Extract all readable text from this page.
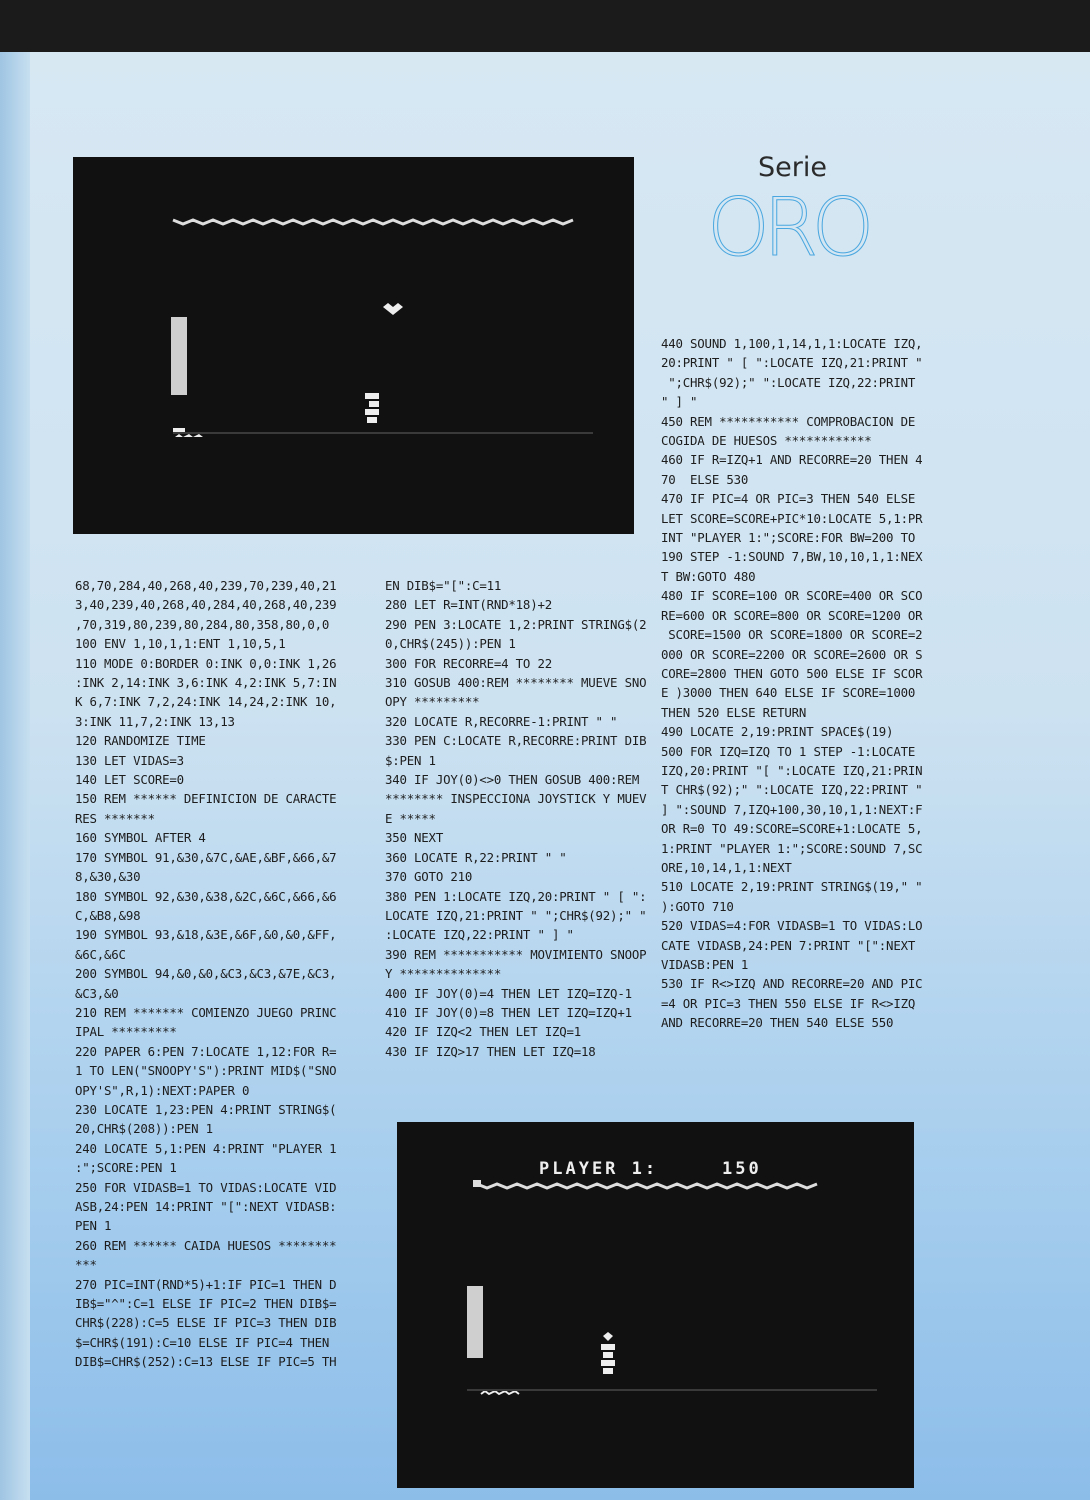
PLAYER 1:	150
Serie
ORO
68,70,284,40,268,40,239,70,239,40,21
3,40,239,40,268,40,284,40,268,40,239
,70,319,80,239,80,284,80,358,80,0,0
100 ENV 1,10,1,1:ENT 1,10,5,1
110 MODE 0:BORDER 0:INK 0,0:INK 1,26
:INK 2,14:INK 3,6:INK 4,2:INK 5,7:IN
K 6,7:INK 7,2,24:INK 14,24,2:INK 10,
3:INK 11,7,2:INK 13,13
120 RANDOMIZE TIME
130 LET VIDAS=3
140 LET SCORE=0
150 REM ****** DEFINICION DE CARACTE
RES *******
160 SYMBOL AFTER 4
170 SYMBOL 91,&30,&7C,&AE,&BF,&66,&7
8,&30,&30
180 SYMBOL 92,&30,&38,&2C,&6C,&66,&6
C,&B8,&98
190 SYMBOL 93,&18,&3E,&6F,&0,&0,&FF,
&6C,&6C
200 SYMBOL 94,&0,&0,&C3,&C3,&7E,&C3,
&C3,&0
210 REM ******* COMIENZO JUEGO PRINC
IPAL *********
220 PAPER 6:PEN 7:LOCATE 1,12:FOR R=
1 TO LEN("SNOOPY'S"):PRINT MID$("SNO
OPY'S",R,1):NEXT:PAPER 0
230 LOCATE 1,23:PEN 4:PRINT STRING$(
20,CHR$(208)):PEN 1
240 LOCATE 5,1:PEN 4:PRINT "PLAYER 1
:";SCORE:PEN 1
250 FOR VIDASB=1 TO VIDAS:LOCATE VID
ASB,24:PEN 14:PRINT "[":NEXT VIDASB:
PEN 1
260 REM ****** CAIDA HUESOS ********
***
270 PIC=INT(RND*5)+1:IF PIC=1 THEN D
IB$="^":C=1 ELSE IF PIC=2 THEN DIB$=
CHR$(228):C=5 ELSE IF PIC=3 THEN DIB
$=CHR$(191):C=10 ELSE IF PIC=4 THEN
DIB$=CHR$(252):C=13 ELSE IF PIC=5 TH
EN DIB$="[":C=11
280 LET R=INT(RND*18)+2
290 PEN 3:LOCATE 1,2:PRINT STRING$(2
0,CHR$(245)):PEN 1
300 FOR RECORRE=4 TO 22
310 GOSUB 400:REM ******** MUEVE SNO
OPY *********
320 LOCATE R,RECORRE-1:PRINT " "
330 PEN C:LOCATE R,RECORRE:PRINT DIB
$:PEN 1
340 IF JOY(0)<>0 THEN GOSUB 400:REM
******** INSPECCIONA JOYSTICK Y MUEV
E *****
350 NEXT
360 LOCATE R,22:PRINT " "
370 GOTO 210
380 PEN 1:LOCATE IZQ,20:PRINT " [ ":
LOCATE IZQ,21:PRINT " ";CHR$(92);" "
:LOCATE IZQ,22:PRINT " ] "
390 REM *********** MOVIMIENTO SNOOP
Y **************
400 IF JOY(0)=4 THEN LET IZQ=IZQ-1
410 IF JOY(0)=8 THEN LET IZQ=IZQ+1
420 IF IZQ<2 THEN LET IZQ=1
430 IF IZQ>17 THEN LET IZQ=18
440 SOUND 1,100,1,14,1,1:LOCATE IZQ,
20:PRINT " [ ":LOCATE IZQ,21:PRINT "
";CHR$(92);" ":LOCATE IZQ,22:PRINT
" ] "
450 REM *********** COMPROBACION DE
COGIDA DE HUESOS ************
460 IF R=IZQ+1 AND RECORRE=20 THEN 4
70  ELSE 530
470 IF PIC=4 OR PIC=3 THEN 540 ELSE
LET SCORE=SCORE+PIC*10:LOCATE 5,1:PR
INT "PLAYER 1:";SCORE:FOR BW=200 TO
190 STEP -1:SOUND 7,BW,10,10,1,1:NEX
T BW:GOTO 480
480 IF SCORE=100 OR SCORE=400 OR SCO
RE=600 OR SCORE=800 OR SCORE=1200 OR
SCORE=1500 OR SCORE=1800 OR SCORE=2
000 OR SCORE=2200 OR SCORE=2600 OR S
CORE=2800 THEN GOTO 500 ELSE IF SCOR
E )3000 THEN 640 ELSE IF SCORE=1000
THEN 520 ELSE RETURN
490 LOCATE 2,19:PRINT SPACE$(19)
500 FOR IZQ=IZQ TO 1 STEP -1:LOCATE
IZQ,20:PRINT "[ ":LOCATE IZQ,21:PRIN
T CHR$(92);" ":LOCATE IZQ,22:PRINT "
] ":SOUND 7,IZQ+100,30,10,1,1:NEXT:F
OR R=0 TO 49:SCORE=SCORE+1:LOCATE 5,
1:PRINT "PLAYER 1:";SCORE:SOUND 7,SC
ORE,10,14,1,1:NEXT
510 LOCATE 2,19:PRINT STRING$(19," "
):GOTO 710
520 VIDAS=4:FOR VIDASB=1 TO VIDAS:LO
CATE VIDASB,24:PEN 7:PRINT "[":NEXT
VIDASB:PEN 1
530 IF R<>IZQ AND RECORRE=20 AND PIC
=4 OR PIC=3 THEN 550 ELSE IF R<>IZQ
AND RECORRE=20 THEN 540 ELSE 550
